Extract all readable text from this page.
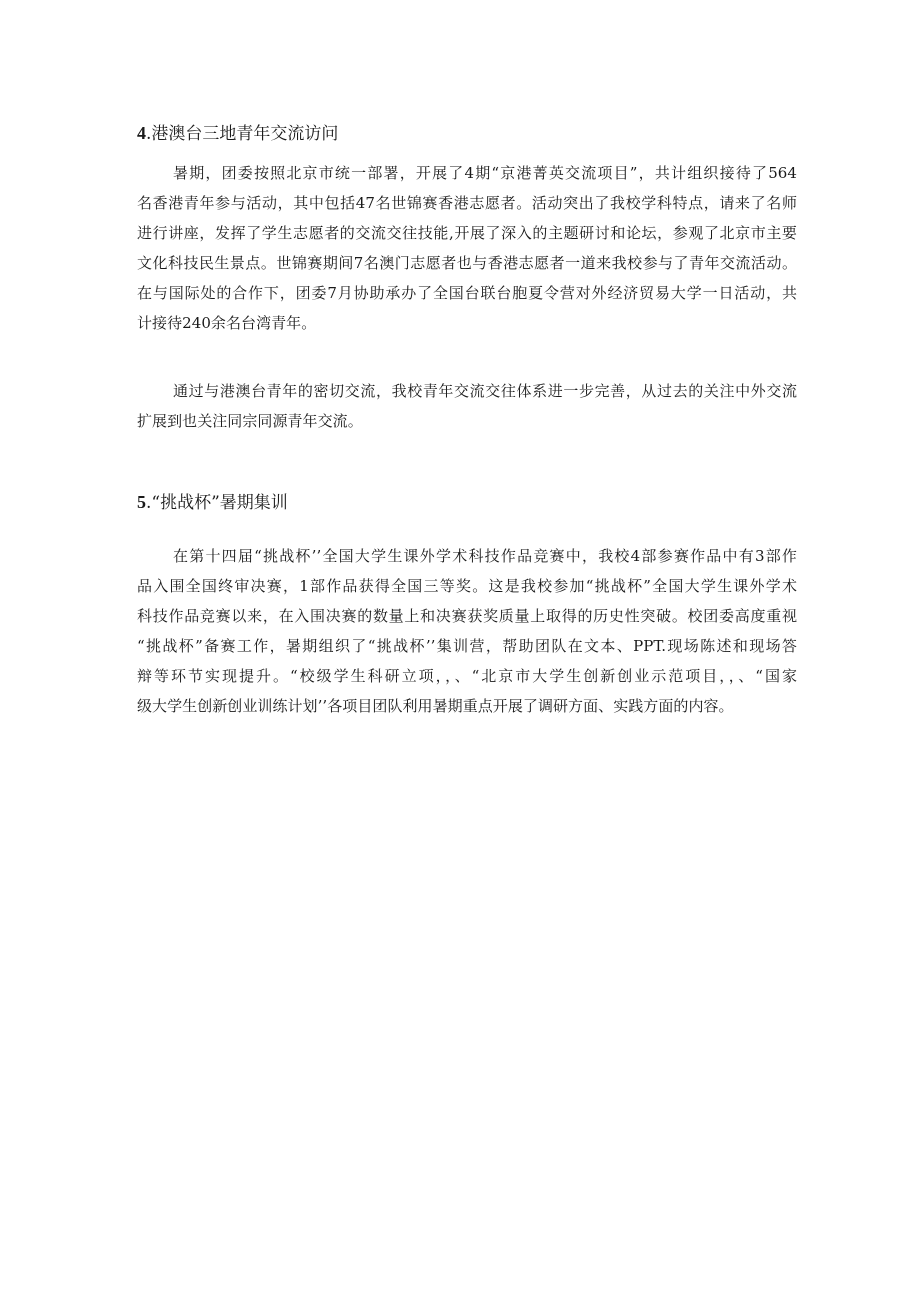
4.港澳台三地青年交流访问
暑期，团委按照北京市统一部署，开展了4期“京港菁英交流项目”，共计组织接待了564
名香港青年参与活动，其中包括47名世锦赛香港志愿者。活动突出了我校学科特点，请来了名师
进行讲座，发挥了学生志愿者的交流交往技能,开展了深入的主题研讨和论坛，参观了北京市主要
文化科技民生景点。世锦赛期间7名澳门志愿者也与香港志愿者一道来我校参与了青年交流活动。
在与国际处的合作下，团委7月协助承办了全国台联台胞夏令营对外经济贸易大学一日活动，共
计接待240余名台湾青年。
通过与港澳台青年的密切交流，我校青年交流交往体系进一步完善，从过去的关注中外交流
扩展到也关注同宗同源青年交流。
5.“挑战杯”暑期集训
在第十四届“挑战杯’’全国大学生课外学术科技作品竞赛中，我校4部参赛作品中有3部作
品入围全国终审决赛，1部作品获得全国三等奖。这是我校参加“挑战杯”全国大学生课外学术
科技作品竞赛以来，在入围决赛的数量上和决赛获奖质量上取得的历史性突破。校团委高度重视
“挑战杯”备赛工作，暑期组织了“挑战杯’’集训营，帮助团队在文本、PPT.现场陈述和现场答
辩等环节实现提升。“校级学生科研立项，，、“北京市大学生创新创业示范项目，，、“国家
级大学生创新创业训练计划’’各项目团队利用暑期重点开展了调研方面、实践方面的内容。
